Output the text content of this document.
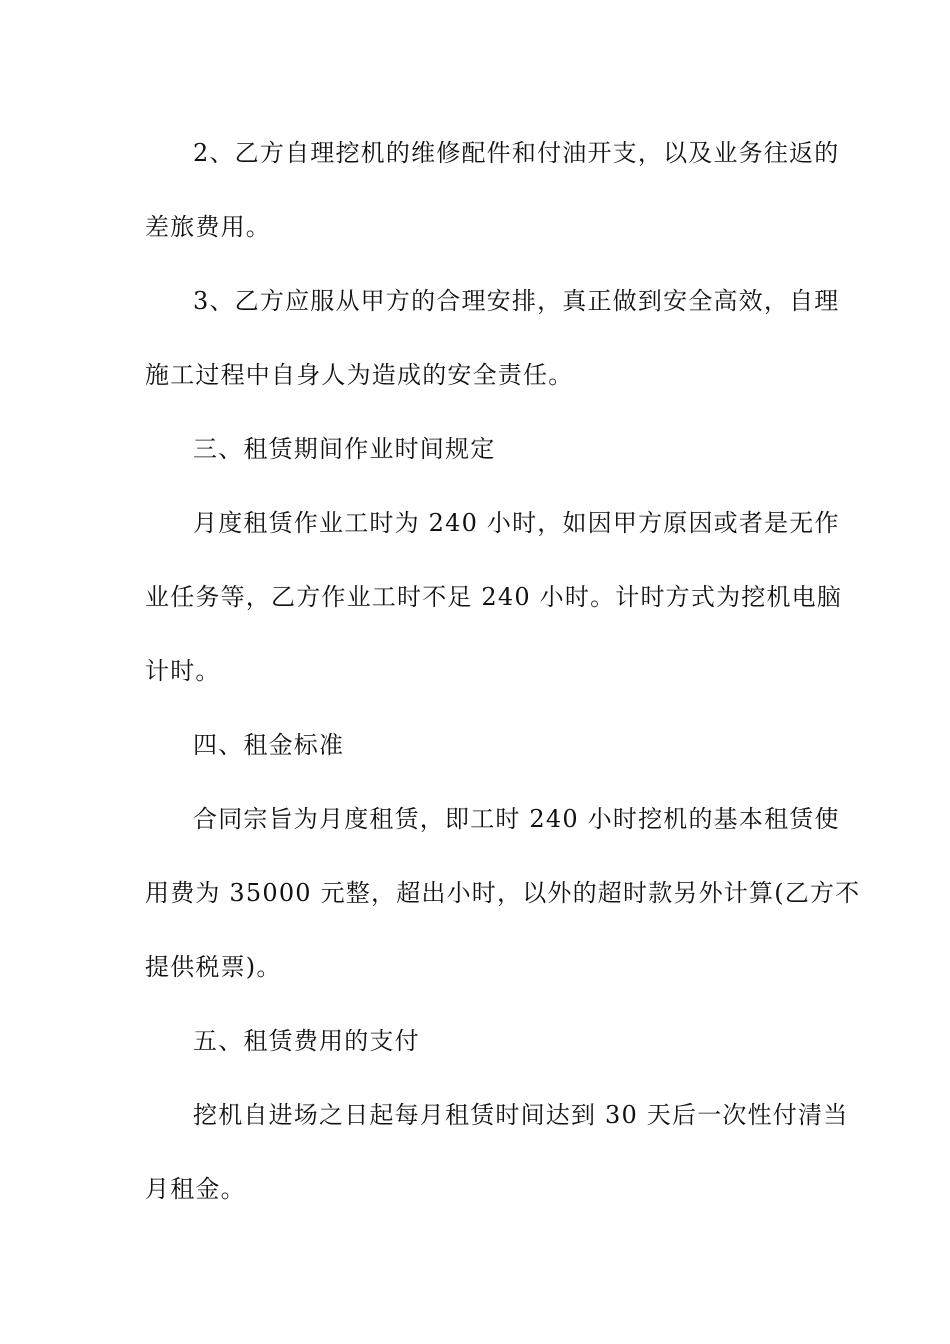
2、乙方自理挖机的维修配件和付油开支，以及业务往返的
差旅费用。
3、乙方应服从甲方的合理安排，真正做到安全高效，自理
施工过程中自身人为造成的安全责任。
三、租赁期间作业时间规定
月度租赁作业工时为 240 小时，如因甲方原因或者是无作
业任务等，乙方作业工时不足 240 小时。计时方式为挖机电脑
计时。
四、租金标准
合同宗旨为月度租赁，即工时 240 小时挖机的基本租赁使
用费为 35000 元整，超出小时，以外的超时款另外计算(乙方不
提供税票)。
五、租赁费用的支付
挖机自进场之日起每月租赁时间达到 30 天后一次性付清当
月租金。
